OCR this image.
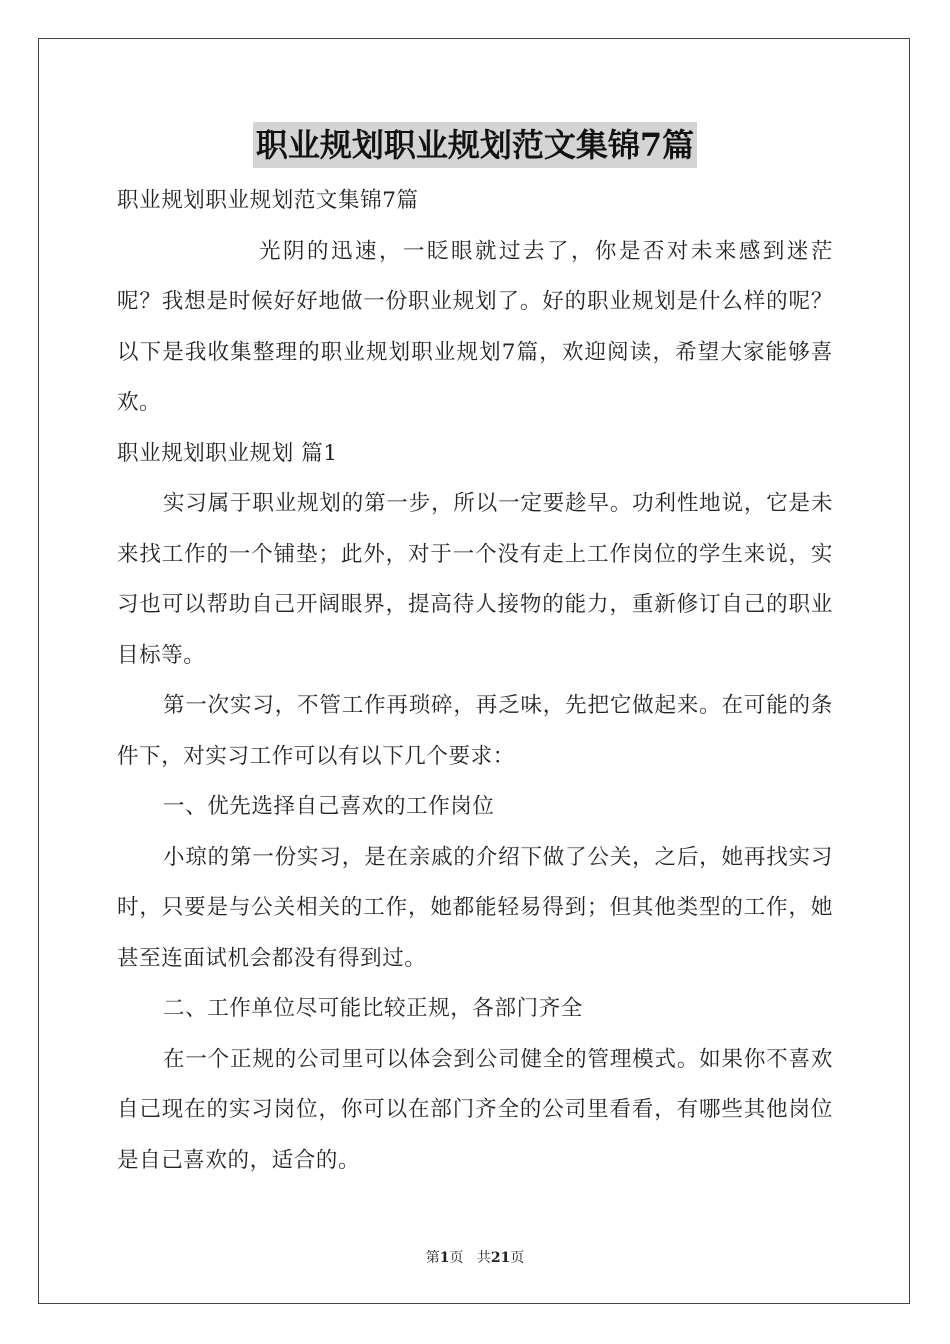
职业规划职业规划范文集锦7篇

职业规划职业规划范文集锦7篇

光阴的迅速，一眨眼就过去了，你是否对未来感到迷茫呢？我想是时候好好地做一份职业规划了。好的职业规划是什么样的呢？以下是我收集整理的职业规划职业规划7篇，欢迎阅读，希望大家能够喜欢。

职业规划职业规划 篇1

实习属于职业规划的第一步，所以一定要趁早。功利性地说，它是未来找工作的一个铺垫；此外，对于一个没有走上工作岗位的学生来说，实习也可以帮助自己开阔眼界，提高待人接物的能力，重新修订自己的职业目标等。

第一次实习，不管工作再琐碎，再乏味，先把它做起来。在可能的条件下，对实习工作可以有以下几个要求：

一、优先选择自己喜欢的工作岗位

小琼的第一份实习，是在亲戚的介绍下做了公关，之后，她再找实习时，只要是与公关相关的工作，她都能轻易得到；但其他类型的工作，她甚至连面试机会都没有得到过。

二、工作单位尽可能比较正规，各部门齐全

在一个正规的公司里可以体会到公司健全的管理模式。如果你不喜欢自己现在的实习岗位，你可以在部门齐全的公司里看看，有哪些其他岗位是自己喜欢的，适合的。

第1页 共21页
